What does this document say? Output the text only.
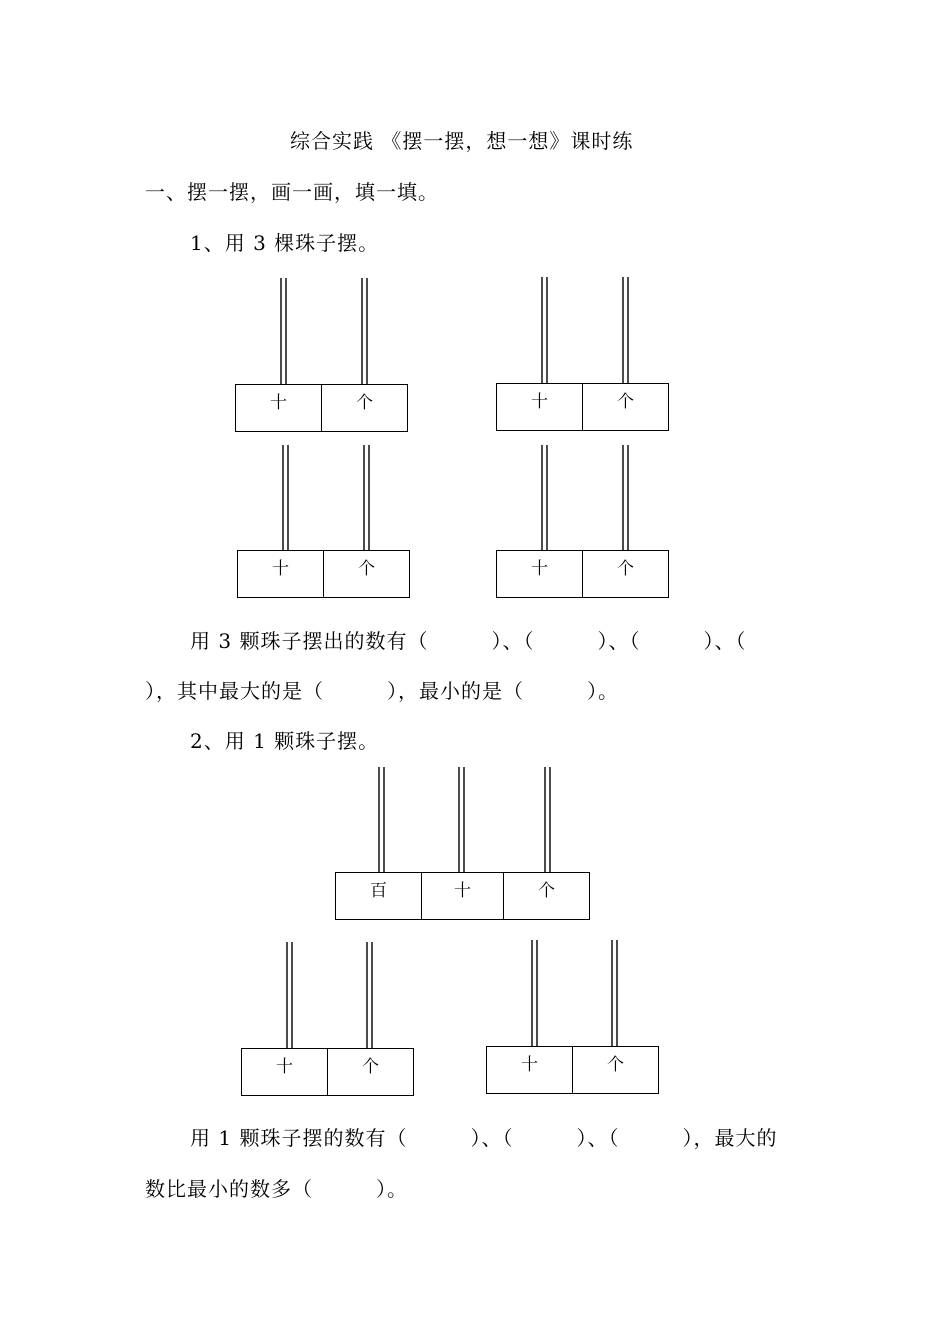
综合实践 《摆一摆，想一想》课时练
一、摆一摆，画一画，填一填。
1、用 3 棵珠子摆。
十	个	十	个
十	个	十	个
用 3 颗珠子摆出的数有（　　　）、（　　　）、（　　　）、（
），其中最大的是（　　　），最小的是（　　　）。
2、用 1 颗珠子摆。
百	十	个
十	个	十	个
用 1 颗珠子摆的数有（　　　）、（　　　）、（　　　），最大的
数比最小的数多（　　　）。
